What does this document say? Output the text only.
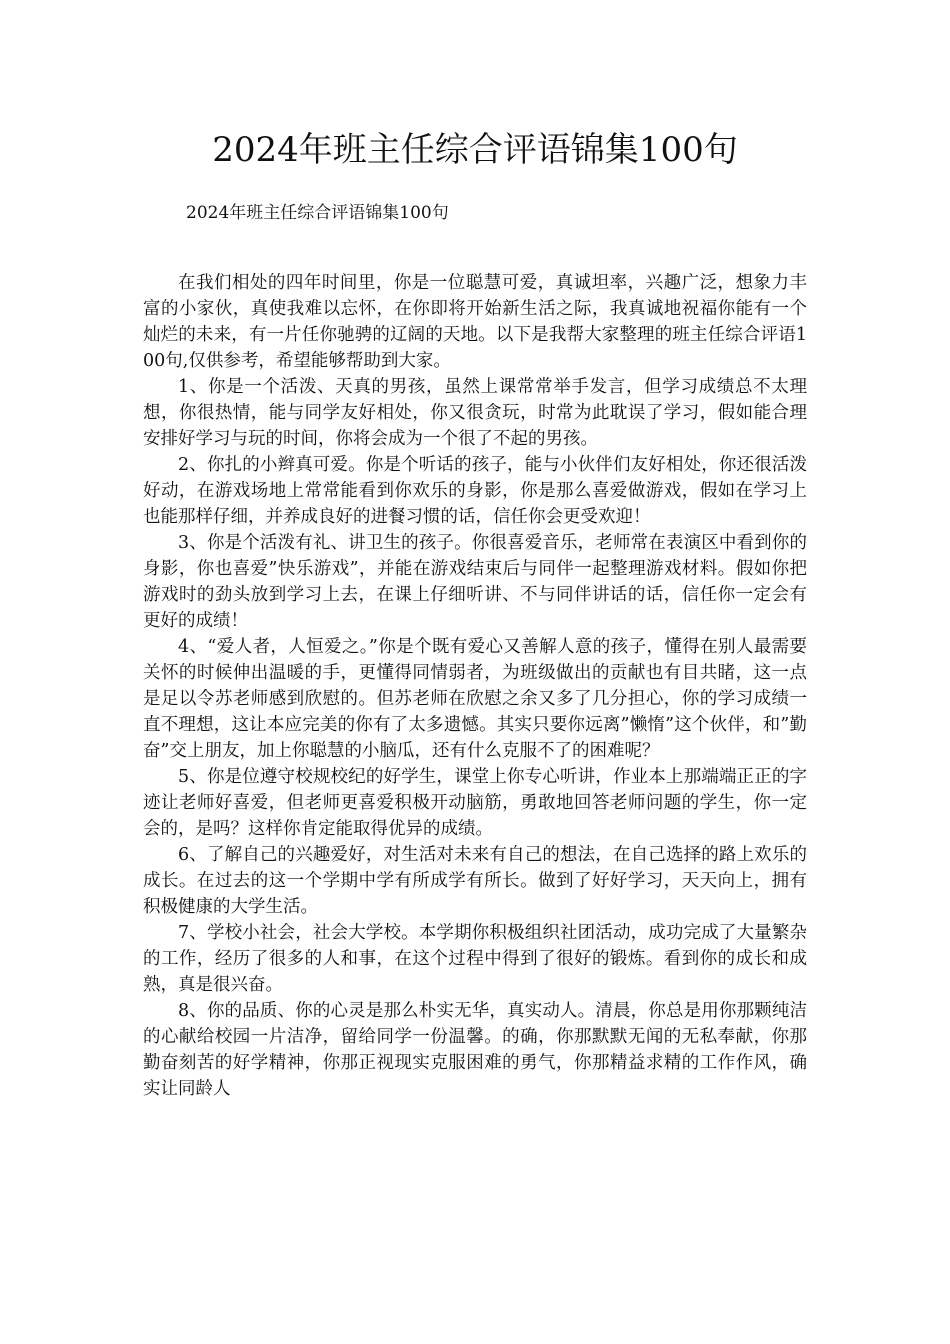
2024年班主任综合评语锦集100句

2024年班主任综合评语锦集100句

在我们相处的四年时间里，你是一位聪慧可爱，真诚坦率，兴趣广泛，想象力丰富的小家伙，真使我难以忘怀，在你即将开始新生活之际，我真诚地祝福你能有一个灿烂的未来，有一片任你驰骋的辽阔的天地。以下是我帮大家整理的班主任综合评语100句,仅供参考，希望能够帮助到大家。

1、你是一个活泼、天真的男孩，虽然上课常常举手发言，但学习成绩总不太理想，你很热情，能与同学友好相处，你又很贪玩，时常为此耽误了学习，假如能合理安排好学习与玩的时间，你将会成为一个很了不起的男孩。

2、你扎的小辫真可爱。你是个听话的孩子，能与小伙伴们友好相处，你还很活泼好动，在游戏场地上常常能看到你欢乐的身影，你是那么喜爱做游戏，假如在学习上也能那样仔细，并养成良好的进餐习惯的话，信任你会更受欢迎！

3、你是个活泼有礼、讲卫生的孩子。你很喜爱音乐，老师常在表演区中看到你的身影，你也喜爱”快乐游戏”，并能在游戏结束后与同伴一起整理游戏材料。假如你把游戏时的劲头放到学习上去，在课上仔细听讲、不与同伴讲话的话，信任你一定会有更好的成绩！

4、“爱人者，人恒爱之。”你是个既有爱心又善解人意的孩子，懂得在别人最需要关怀的时候伸出温暖的手，更懂得同情弱者，为班级做出的贡献也有目共睹，这一点是足以令苏老师感到欣慰的。但苏老师在欣慰之余又多了几分担心，你的学习成绩一直不理想，这让本应完美的你有了太多遗憾。其实只要你远离”懒惰”这个伙伴，和”勤奋”交上朋友，加上你聪慧的小脑瓜，还有什么克服不了的困难呢？

5、你是位遵守校规校纪的好学生，课堂上你专心听讲，作业本上那端端正正的字迹让老师好喜爱，但老师更喜爱积极开动脑筋，勇敢地回答老师问题的学生，你一定会的，是吗？这样你肯定能取得优异的成绩。

6、了解自己的兴趣爱好，对生活对未来有自己的想法，在自己选择的路上欢乐的成长。在过去的这一个学期中学有所成学有所长。做到了好好学习，天天向上，拥有积极健康的大学生活。

7、学校小社会，社会大学校。本学期你积极组织社团活动，成功完成了大量繁杂的工作，经历了很多的人和事，在这个过程中得到了很好的锻炼。看到你的成长和成熟，真是很兴奋。

8、你的品质、你的心灵是那么朴实无华，真实动人。清晨，你总是用你那颗纯洁的心献给校园一片洁净，留给同学一份温馨。的确，你那默默无闻的无私奉献，你那勤奋刻苦的好学精神，你那正视现实克服困难的勇气，你那精益求精的工作作风，确实让同龄人
